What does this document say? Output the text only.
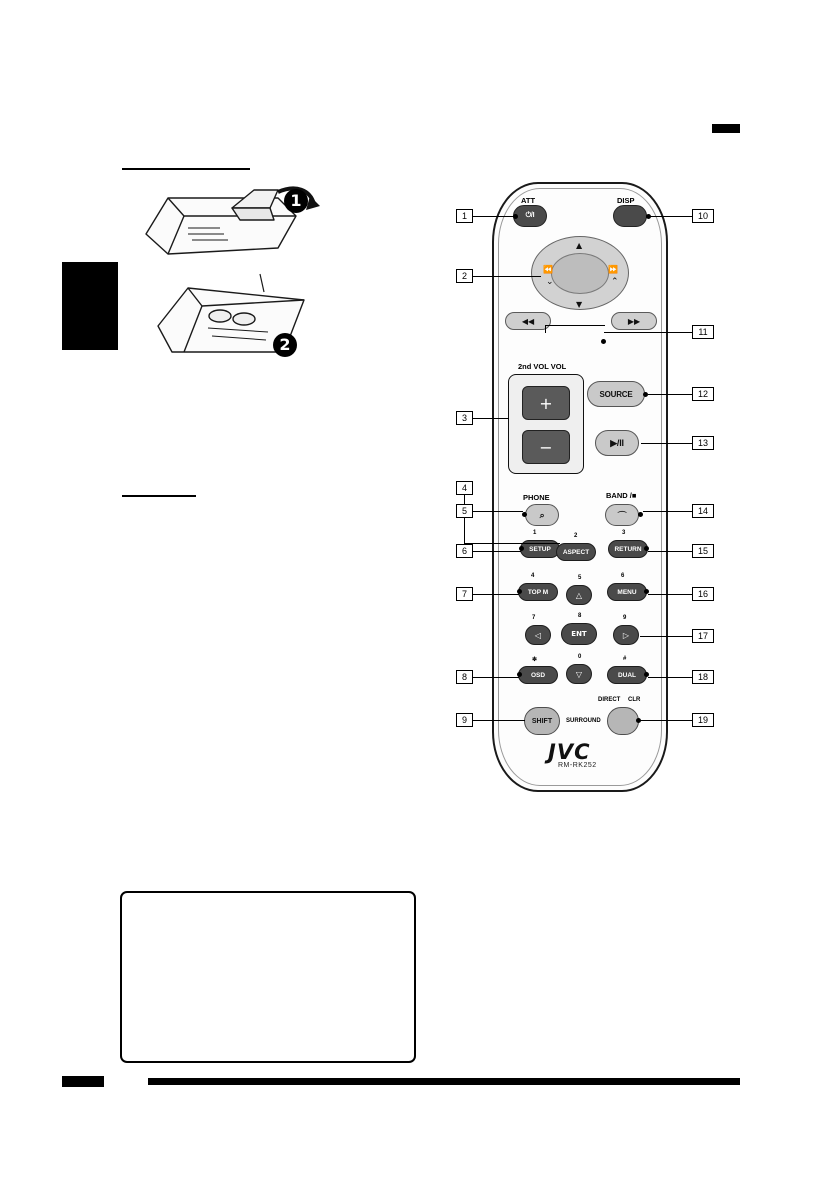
1
2
ATT
⏻/I
DISP
▲
▼
⏪	⏩
⌄	⌃
◀◀	▶▶
2nd VOL VOL
+
−
SOURCE
▶/II
PHONE
⌕
BAND /■
⌒
1
SETUP
2
ASPECT
3
RETURN
4
TOP M
6
MENU
5
△
7
◁
8
ENT
9
▷
0
▽
✻
OSD
#
DUAL
SHIFT
DIRECT CLR
SURROUND
JVC
RM-RK252
1
2
3
4
5
6
7
8
9
10
11
12
13
14
15
16
17
18
19
